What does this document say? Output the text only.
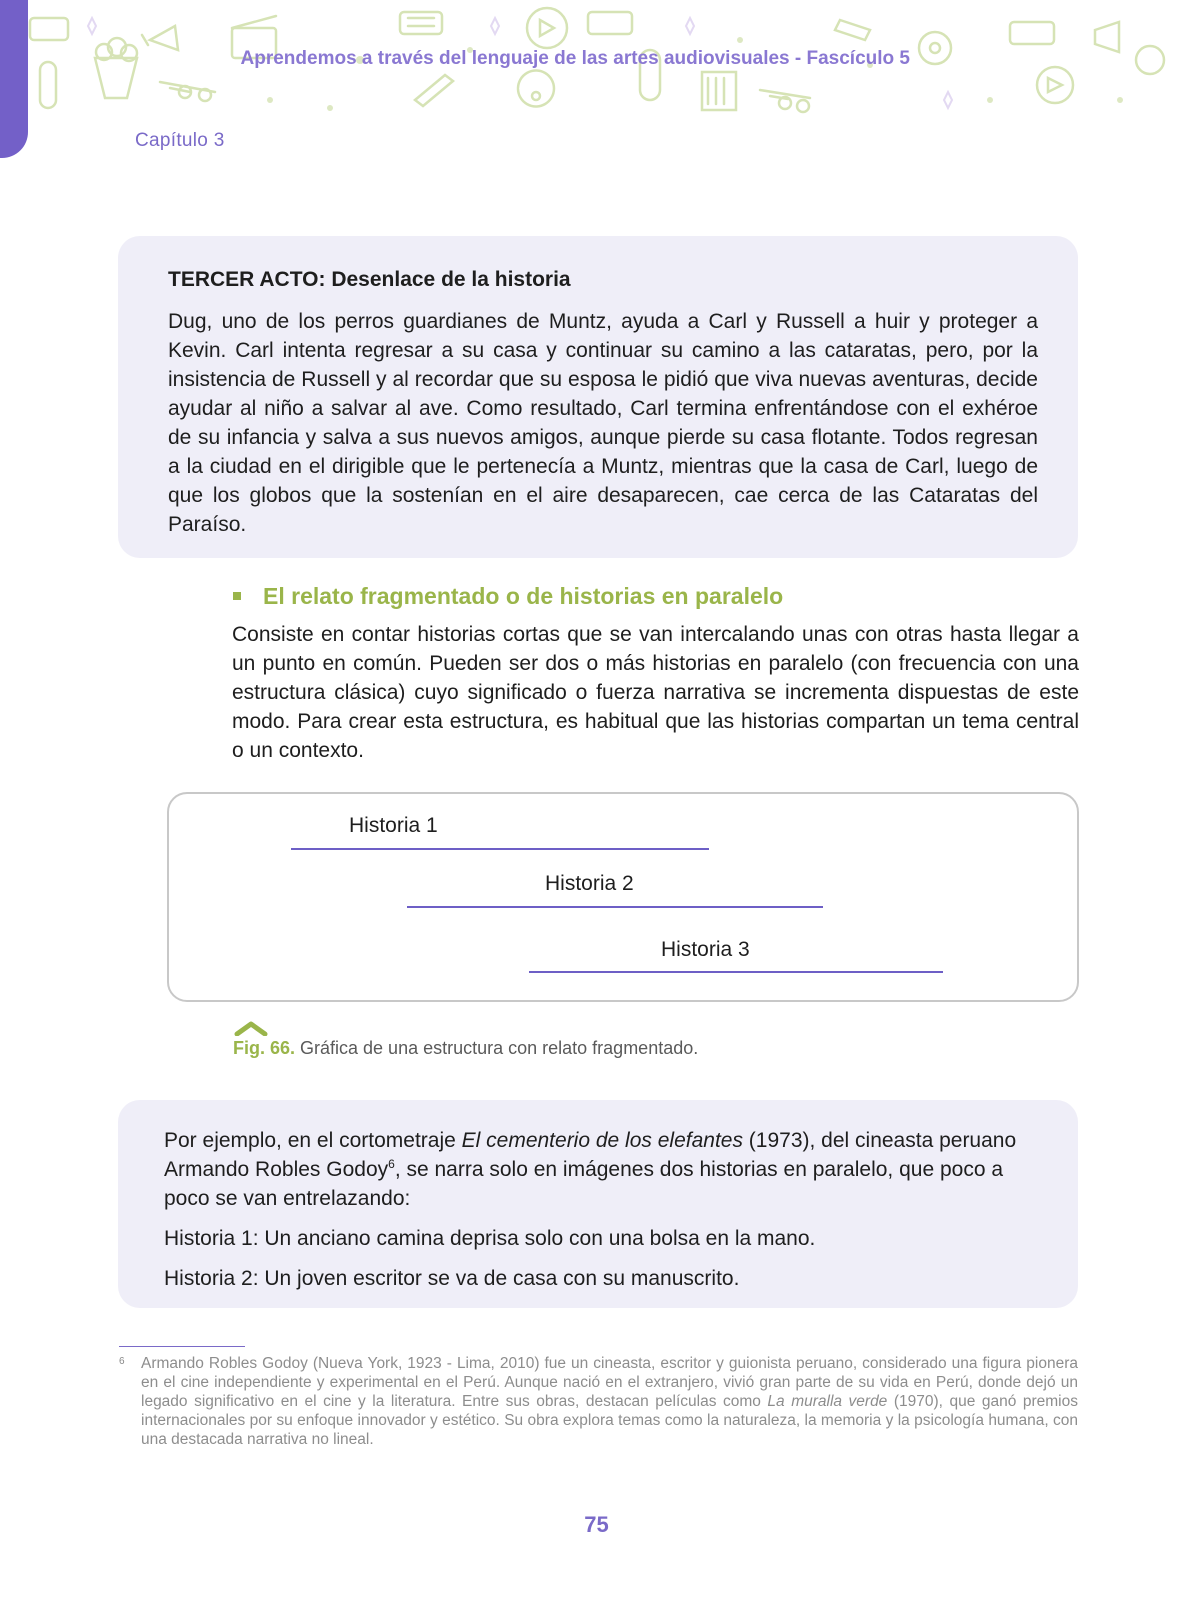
Aprendemos a través del lenguaje de las artes audiovisuales - Fascículo 5
Capítulo 3
TERCER ACTO: Desenlace de la historia
Dug, uno de los perros guardianes de Muntz, ayuda a Carl y Russell a huir y proteger a Kevin. Carl intenta regresar a su casa y continuar su camino a las cataratas, pero, por la insistencia de Russell y al recordar que su esposa le pidió que viva nuevas aventuras, decide ayudar al niño a salvar al ave. Como resultado, Carl termina enfrentándose con el exhéroe de su infancia y salva a sus nuevos amigos, aunque pierde su casa flotante. Todos regresan a la ciudad en el dirigible que le pertenecía a Muntz, mientras que la casa de Carl, luego de que los globos que la sostenían en el aire desaparecen, cae cerca de las Cataratas del Paraíso.
El relato fragmentado o de historias en paralelo
Consiste en contar historias cortas que se van intercalando unas con otras hasta llegar a un punto en común. Pueden ser dos o más historias en paralelo (con frecuencia con una estructura clásica) cuyo significado o fuerza narrativa se incrementa dispuestas de este modo. Para crear esta estructura, es habitual que las historias compartan un tema central o un contexto.
Historia 1
Historia 2
Historia 3
Fig. 66. Gráfica de una estructura con relato fragmentado.
Por ejemplo, en el cortometraje El cementerio de los elefantes (1973), del cineasta peruano Armando Robles Godoy$^6$, se narra solo en imágenes dos historias en paralelo, que poco a poco se van entrelazando:
Historia 1: Un anciano camina deprisa solo con una bolsa en la mano.
Historia 2: Un joven escritor se va de casa con su manuscrito.
6 Armando Robles Godoy (Nueva York, 1923 - Lima, 2010) fue un cineasta, escritor y guionista peruano, considerado una figura pionera en el cine independiente y experimental en el Perú. Aunque nació en el extranjero, vivió gran parte de su vida en Perú, donde dejó un legado significativo en el cine y la literatura. Entre sus obras, destacan películas como La muralla verde (1970), que ganó premios internacionales por su enfoque innovador y estético. Su obra explora temas como la naturaleza, la memoria y la psicología humana, con una destacada narrativa no lineal.
75
